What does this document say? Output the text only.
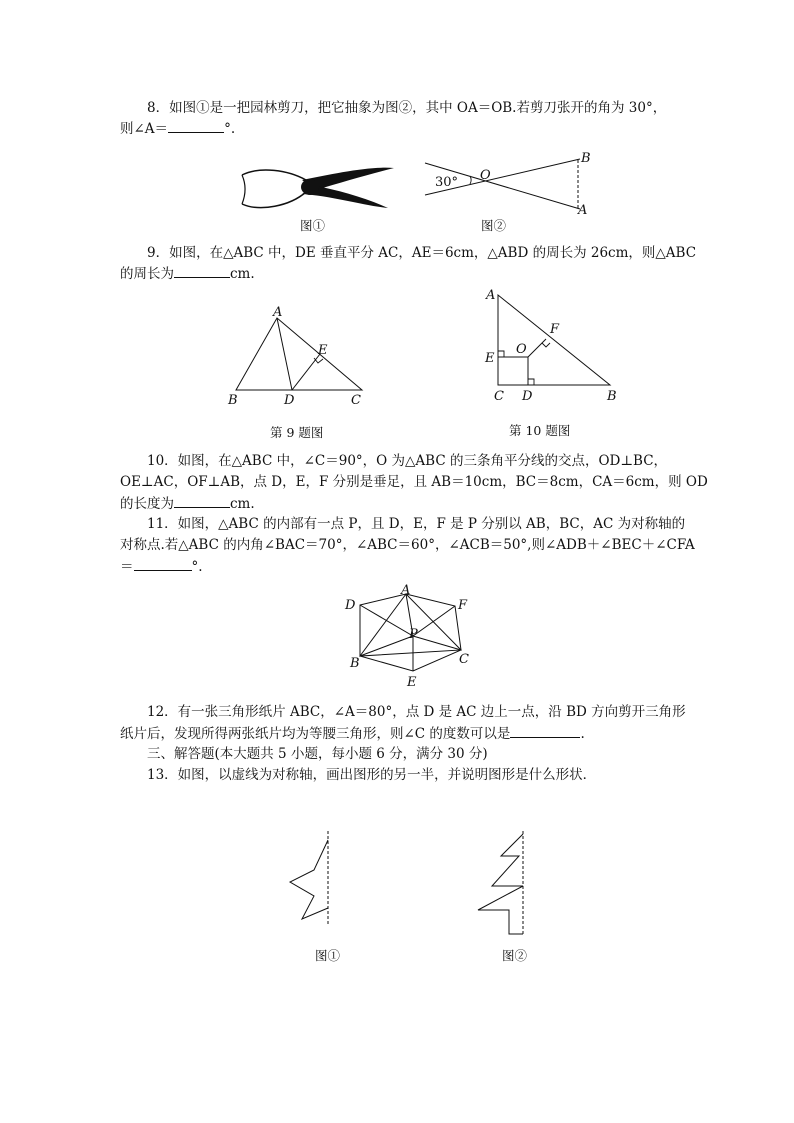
8．如图①是一把园林剪刀，把它抽象为图②，其中 OA＝OB.若剪刀张开的角为 30°，
则∠A＝	°.
图①
30° O
B
A
图②
9．如图，在△ABC 中，DE 垂直平分 AC，AE＝6cm，△ABD 的周长为 26cm，则△ABC
的周长为	cm.
A
B	C
D
E
第 9 题图
A
B
C D
E
F
O
第 10 题图
10．如图，在△ABC 中，∠C＝90°，O 为△ABC 的三条角平分线的交点，OD⊥BC，
OE⊥AC，OF⊥AB，点 D，E，F 分别是垂足，且 AB＝10cm，BC＝8cm，CA＝6cm，则 OD
的长度为	cm.
11．如图，△ABC 的内部有一点 P，且 D，E，F 是 P 分别以 AB，BC，AC 为对称轴的
对称点.若△ABC 的内角∠BAC＝70°，∠ABC＝60°，∠ACB＝50°,则∠ADB＋∠BEC＋∠CFA
＝	°.
A
B	C
D
E
F
P
12．有一张三角形纸片 ABC，∠A＝80°，点 D 是 AC 边上一点，沿 BD 方向剪开三角形
纸片后，发现所得两张纸片均为等腰三角形，则∠C 的度数可以是	.
三、解答题(本大题共 5 小题，每小题 6 分，满分 30 分)
13．如图，以虚线为对称轴，画出图形的另一半，并说明图形是什么形状．
图①	图②
